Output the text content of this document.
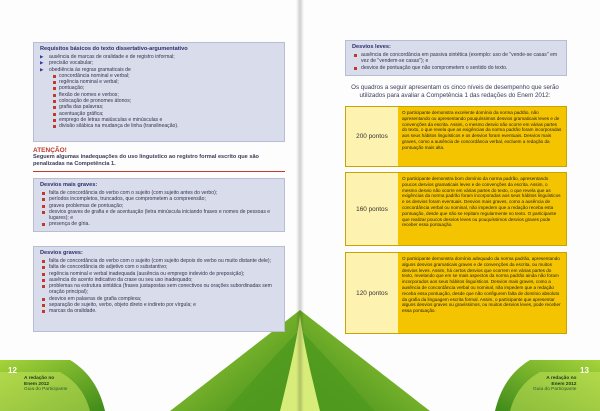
Requisitos básicos do texto dissertativo-argumentativo
▶ ausência de marcas de oralidade e de registro informal;
▶ precisão vocabular;
▶ obediência às regras gramaticais de
concordância nominal e verbal;
regência nominal e verbal;
pontuação;
flexão de nomes e verbos;
colocação de pronomes átonos;
grafia das palavras;
acentuação gráfica;
emprego de letras maiúsculas e minúsculas e
divisão silábica na mudança de linha (translineação).
ATENÇÃO!
Seguem algumas inadequações do uso linguístico ao registro formal escrito que são penalizadas na Competência 1.
Desvios mais graves:
falta de concordância do verbo com o sujeito (com sujeito antes do verbo);
períodos incompletos, truncados, que comprometem a compreensão;
graves problemas de pontuação;
desvios graves de grafia e de acentuação (letra minúscula iniciando frases e nomes de pessoas e lugares); e
presença de gíria.
Desvios graves:
falta de concordância do verbo com o sujeito (com sujeito depois do verbo ou muito distante dele);
falta de concordância do adjetivo com o substantivo;
regência nominal e verbal inadequada (ausência ou emprego indevido de preposição);
ausência do acento indicativo da crase ou seu uso inadequado;
problemas na estrutura sintática (frases justapostas sem conectivos ou orações subordinadas sem oração principal);
desvios em palavras de grafia complexa;
separação de sujeito, verbo, objeto direto e indireto por vírgula; e
marcas da oralidade.
12
A redação no
Enem 2012
Guia do Participante
Desvios leves:
ausência de concordância em passiva sintética (exemplo: uso de "vende-se casas" em vez de "vendem-se casas"); e
desvios de pontuação que não comprometem o sentido do texto.
Os quadros a seguir apresentam os cinco níveis de desempenho que serão utilizados para avaliar a Competência 1 das redações do Enem 2012:
200 pontos
O participante demonstra excelente domínio da norma padrão, não apresentando ou apresentando pouquíssimos desvios gramaticais leves e de convenções da escrita. Assim, o mesmo desvio não ocorre em várias partes do texto, o que revela que as exigências da norma padrão foram incorporadas aos seus hábitos linguísticos e os desvios foram eventuais. Desvios mais graves, como a ausência de concordância verbal, excluem a redação da pontuação mais alta.
160 pontos
O participante demonstra bom domínio da norma padrão, apresentando poucos desvios gramaticais leves e de convenções da escrita. Assim, o mesmo desvio não ocorre em várias partes do texto, o que revela que as exigências da norma padrão foram incorporadas aos seus hábitos linguísticos e os desvios foram eventuais. Desvios mais graves, como a ausência de concordância verbal ou nominal, não impedem que a redação receba esta pontuação, desde que não se repitam regularmente no texto. O participante que realizar poucos desvios leves ou pouquíssimos desvios graves pode receber essa pontuação.
120 pontos
O participante demonstra domínio adequado da norma padrão, apresentando alguns desvios gramaticais graves e de convenções da escrita, ou muitos desvios leves. Assim, há certos desvios que ocorrem em várias partes do texto, revelando que em se mais aspectos da norma padrão ainda não foram incorporados aos seus hábitos linguísticos. Desvios mais graves, como a ausência de concordância verbal ou nominal, não impedem que a redação receba essa pontuação, desde que não configurem falta de domínio absoluto da grafia da linguagem escrita formal. Assim, o participante que apresentar alguns desvios graves ou gravíssimos, ou muitos desvios leves, pode receber essa pontuação.
A redação no
Enem 2012
Guia do Participante
13
